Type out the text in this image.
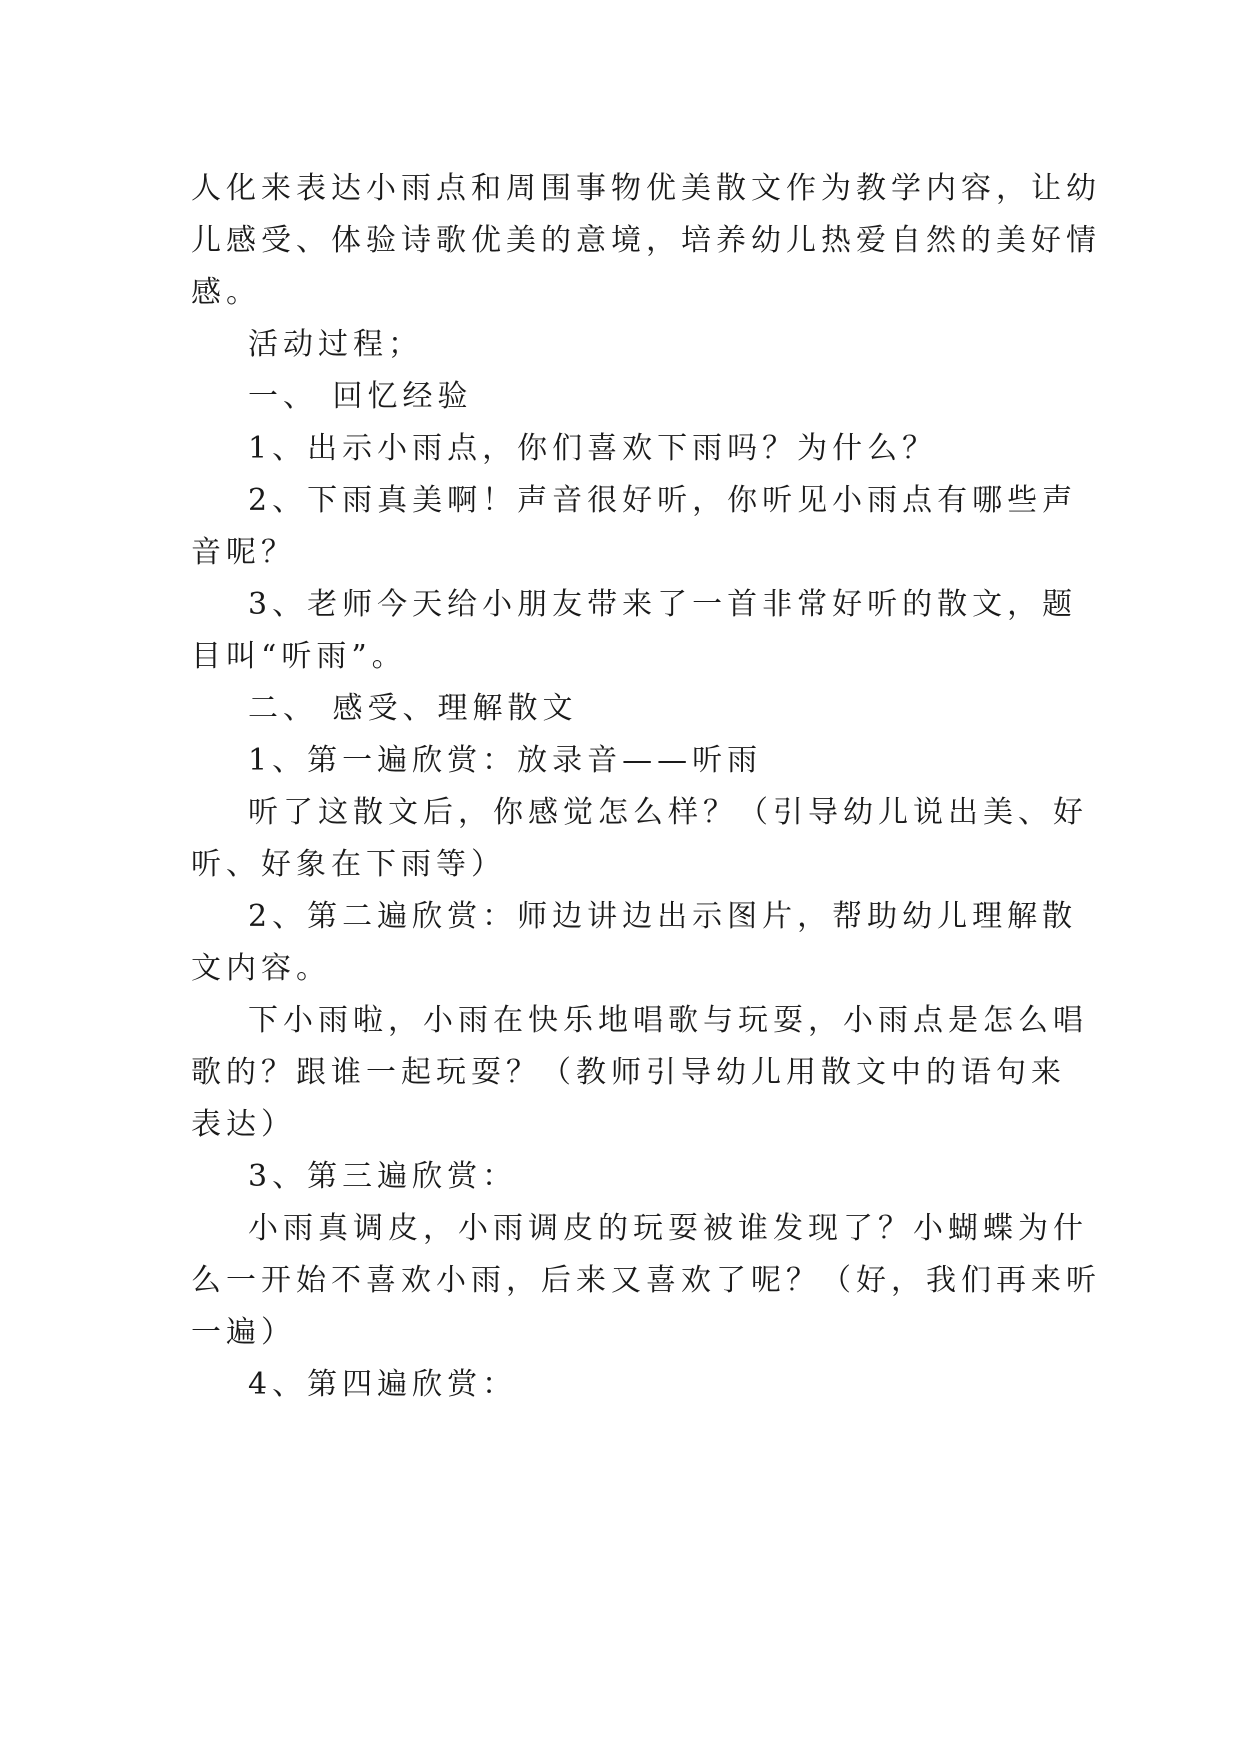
人化来表达小雨点和周围事物优美散文作为教学内容，让幼
儿感受、体验诗歌优美的意境，培养幼儿热爱自然的美好情
感。
活动过程；
一、 回忆经验
1、出示小雨点，你们喜欢下雨吗？为什么？
2、下雨真美啊！声音很好听，你听见小雨点有哪些声
音呢？
3、老师今天给小朋友带来了一首非常好听的散文，题
目叫“听雨”。
二、 感受、理解散文
1、第一遍欣赏：放录音——听雨
听了这散文后，你感觉怎么样？（引导幼儿说出美、好
听、好象在下雨等）
2、第二遍欣赏：师边讲边出示图片，帮助幼儿理解散
文内容。
下小雨啦，小雨在快乐地唱歌与玩耍，小雨点是怎么唱
歌的？跟谁一起玩耍？（教师引导幼儿用散文中的语句来
表达）
3、第三遍欣赏：
小雨真调皮，小雨调皮的玩耍被谁发现了？小蝴蝶为什
么一开始不喜欢小雨，后来又喜欢了呢？（好，我们再来听
一遍）
4、第四遍欣赏：
